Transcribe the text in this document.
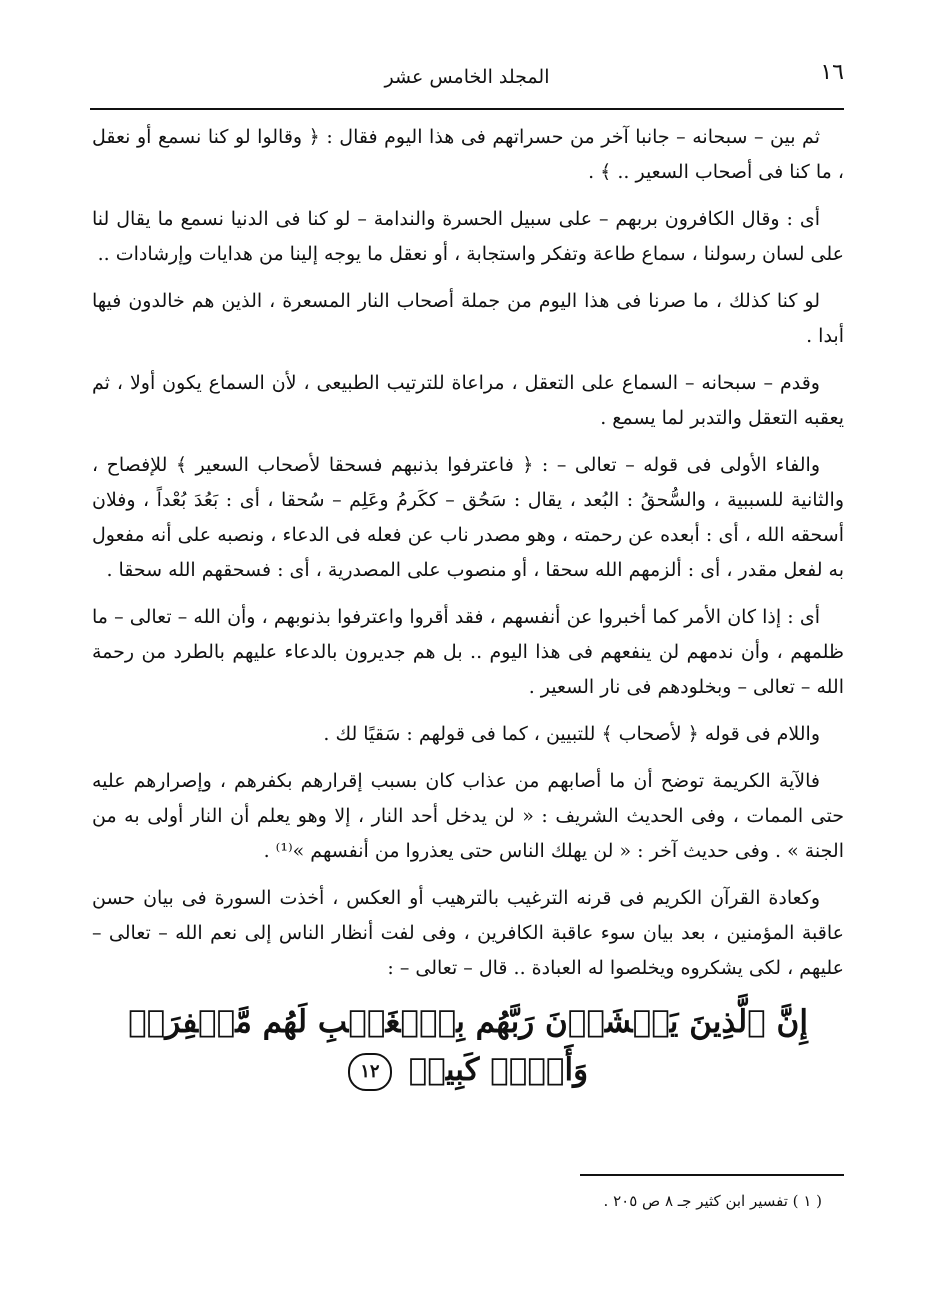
١٦
المجلد الخامس عشر

ثم بين – سبحانه – جانبا آخر من حسراتهم فى هذا اليوم فقال : ﴿ وقالوا لو كنا نسمع أو نعقل ، ما كنا فى أصحاب السعير .. ﴾ .

أى : وقال الكافرون بربهم – على سبيل الحسرة والندامة – لو كنا فى الدنيا نسمع ما يقال لنا على لسان رسولنا ، سماع طاعة وتفكر واستجابة ، أو نعقل ما يوجه إلينا من هدايات وإرشادات ..

لو كنا كذلك ، ما صرنا فى هذا اليوم من جملة أصحاب النار المسعرة ، الذين هم خالدون فيها أبدا .

وقدم – سبحانه – السماع على التعقل ، مراعاة للترتيب الطبيعى ، لأن السماع يكون أولا ، ثم يعقبه التعقل والتدبر لما يسمع .

والفاء الأولى فى قوله – تعالى – : ﴿ فاعترفوا بذنبهم فسحقا لأصحاب السعير ﴾ للإفصاح ، والثانية للسببية ، والسُّحقُ : البُعد ، يقال : سَحُق – ككَرمُ وعَلِم – سُحقا ، أى : بَعُدَ بُعْداً ، وفلان أسحقه الله ، أى : أبعده عن رحمته ، وهو مصدر ناب عن فعله فى الدعاء ، ونصبه على أنه مفعول به لفعل مقدر ، أى : ألزمهم الله سحقا ، أو منصوب على المصدرية ، أى : فسحقهم الله سحقا .

أى : إذا كان الأمر كما أخبروا عن أنفسهم ، فقد أقروا واعترفوا بذنوبهم ، وأن الله – تعالى – ما ظلمهم ، وأن ندمهم لن ينفعهم فى هذا اليوم .. بل هم جديرون بالدعاء عليهم بالطرد من رحمة الله – تعالى – وبخلودهم فى نار السعير .

واللام فى قوله ﴿ لأصحاب ﴾ للتبيين ، كما فى قولهم : سَقيًا لك .

فالآية الكريمة توضح أن ما أصابهم من عذاب كان بسبب إقرارهم بكفرهم ، وإصرارهم عليه حتى الممات ، وفى الحديث الشريف : « لن يدخل أحد النار ، إلا وهو يعلم أن النار أولى به من الجنة » . وفى حديث آخر : « لن يهلك الناس حتى يعذروا من أنفسهم »⁽¹⁾ .

وكعادة القرآن الكريم فى قرنه الترغيب بالترهيب أو العكس ، أخذت السورة فى بيان حسن عاقبة المؤمنين ، بعد بيان سوء عاقبة الكافرين ، وفى لفت أنظار الناس إلى نعم الله – تعالى – عليهم ، لكى يشكروه ويخلصوا له العبادة .. قال – تعالى – :

إِنَّ ٱلَّذِينَ يَخۡشَوۡنَ رَبَّهُم بِٱلۡغَيۡبِ لَهُم مَّغۡفِرَةٞ وَأَجۡرٞ كَبِيرٞ ١٢
( ١ ) تفسير ابن كثير جـ ٨ ص ٢٠٥ .
